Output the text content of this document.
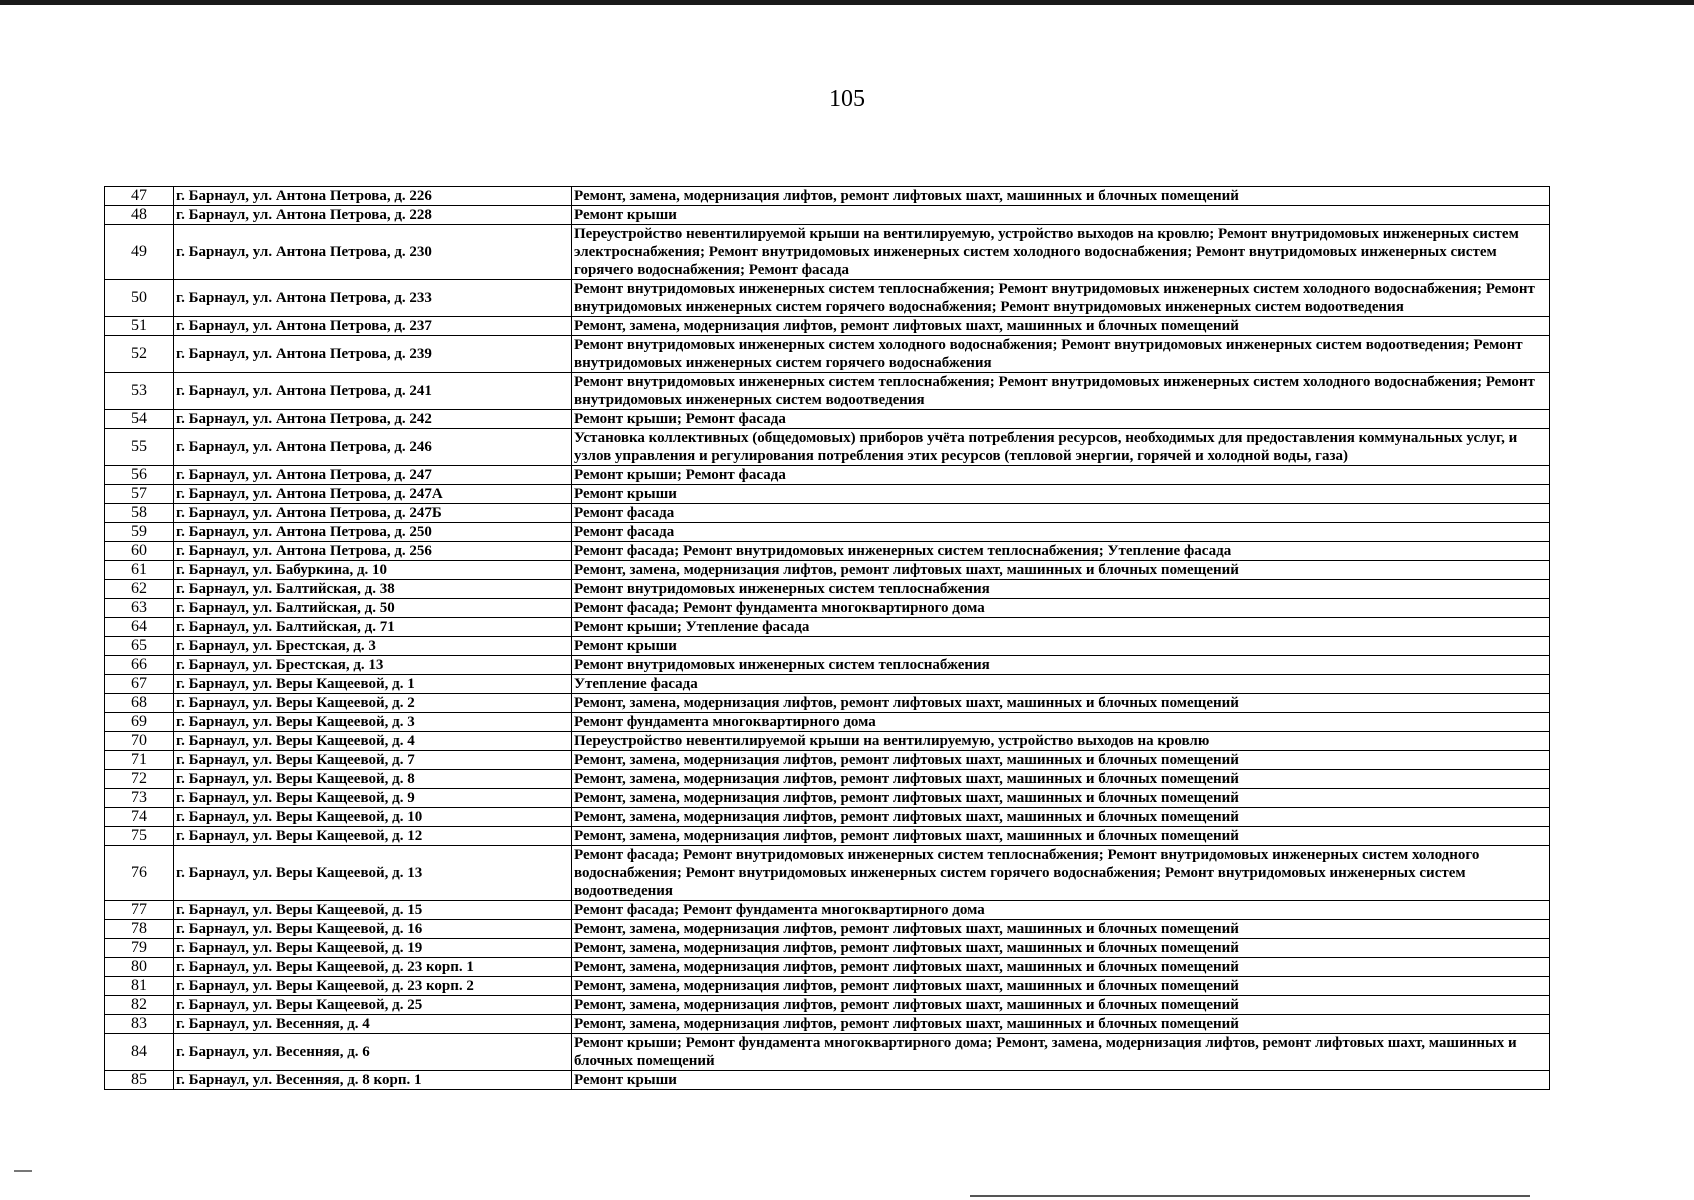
105
47	г. Барнаул, ул. Антона Петрова, д. 226	Ремонт, замена, модернизация лифтов, ремонт лифтовых шахт, машинных и блочных помещений
48	г. Барнаул, ул. Антона Петрова, д. 228	Ремонт крыши
49	г. Барнаул, ул. Антона Петрова, д. 230	Переустройство невентилируемой крыши на вентилируемую, устройство выходов на кровлю; Ремонт внутридомовых инженерных систем электроснабжения; Ремонт внутридомовых инженерных систем холодного водоснабжения; Ремонт внутридомовых инженерных систем горячего водоснабжения; Ремонт фасада
50	г. Барнаул, ул. Антона Петрова, д. 233	Ремонт внутридомовых инженерных систем теплоснабжения; Ремонт внутридомовых инженерных систем холодного водоснабжения; Ремонт внутридомовых инженерных систем горячего водоснабжения; Ремонт внутридомовых инженерных систем водоотведения
51	г. Барнаул, ул. Антона Петрова, д. 237	Ремонт, замена, модернизация лифтов, ремонт лифтовых шахт, машинных и блочных помещений
52	г. Барнаул, ул. Антона Петрова, д. 239	Ремонт внутридомовых инженерных систем холодного водоснабжения; Ремонт внутридомовых инженерных систем водоотведения; Ремонт внутридомовых инженерных систем горячего водоснабжения
53	г. Барнаул, ул. Антона Петрова, д. 241	Ремонт внутридомовых инженерных систем теплоснабжения; Ремонт внутридомовых инженерных систем холодного водоснабжения; Ремонт внутридомовых инженерных систем водоотведения
54	г. Барнаул, ул. Антона Петрова, д. 242	Ремонт крыши; Ремонт фасада
55	г. Барнаул, ул. Антона Петрова, д. 246	Установка коллективных (общедомовых) приборов учёта потребления ресурсов, необходимых для предоставления коммунальных услуг, и узлов управления и регулирования потребления этих ресурсов (тепловой энергии, горячей и холодной воды, газа)
56	г. Барнаул, ул. Антона Петрова, д. 247	Ремонт крыши; Ремонт фасада
57	г. Барнаул, ул. Антона Петрова, д. 247А	Ремонт крыши
58	г. Барнаул, ул. Антона Петрова, д. 247Б	Ремонт фасада
59	г. Барнаул, ул. Антона Петрова, д. 250	Ремонт фасада
60	г. Барнаул, ул. Антона Петрова, д. 256	Ремонт фасада; Ремонт внутридомовых инженерных систем теплоснабжения; Утепление фасада
61	г. Барнаул, ул. Бабуркина, д. 10	Ремонт, замена, модернизация лифтов, ремонт лифтовых шахт, машинных и блочных помещений
62	г. Барнаул, ул. Балтийская, д. 38	Ремонт внутридомовых инженерных систем теплоснабжения
63	г. Барнаул, ул. Балтийская, д. 50	Ремонт фасада; Ремонт фундамента многоквартирного дома
64	г. Барнаул, ул. Балтийская, д. 71	Ремонт крыши; Утепление фасада
65	г. Барнаул, ул. Брестская, д. 3	Ремонт крыши
66	г. Барнаул, ул. Брестская, д. 13	Ремонт внутридомовых инженерных систем теплоснабжения
67	г. Барнаул, ул. Веры Кащеевой, д. 1	Утепление фасада
68	г. Барнаул, ул. Веры Кащеевой, д. 2	Ремонт, замена, модернизация лифтов, ремонт лифтовых шахт, машинных и блочных помещений
69	г. Барнаул, ул. Веры Кащеевой, д. 3	Ремонт фундамента многоквартирного дома
70	г. Барнаул, ул. Веры Кащеевой, д. 4	Переустройство невентилируемой крыши на вентилируемую, устройство выходов на кровлю
71	г. Барнаул, ул. Веры Кащеевой, д. 7	Ремонт, замена, модернизация лифтов, ремонт лифтовых шахт, машинных и блочных помещений
72	г. Барнаул, ул. Веры Кащеевой, д. 8	Ремонт, замена, модернизация лифтов, ремонт лифтовых шахт, машинных и блочных помещений
73	г. Барнаул, ул. Веры Кащеевой, д. 9	Ремонт, замена, модернизация лифтов, ремонт лифтовых шахт, машинных и блочных помещений
74	г. Барнаул, ул. Веры Кащеевой, д. 10	Ремонт, замена, модернизация лифтов, ремонт лифтовых шахт, машинных и блочных помещений
75	г. Барнаул, ул. Веры Кащеевой, д. 12	Ремонт, замена, модернизация лифтов, ремонт лифтовых шахт, машинных и блочных помещений
76	г. Барнаул, ул. Веры Кащеевой, д. 13	Ремонт фасада; Ремонт внутридомовых инженерных систем теплоснабжения; Ремонт внутридомовых инженерных систем холодного водоснабжения; Ремонт внутридомовых инженерных систем горячего водоснабжения; Ремонт внутридомовых инженерных систем водоотведения
77	г. Барнаул, ул. Веры Кащеевой, д. 15	Ремонт фасада; Ремонт фундамента многоквартирного дома
78	г. Барнаул, ул. Веры Кащеевой, д. 16	Ремонт, замена, модернизация лифтов, ремонт лифтовых шахт, машинных и блочных помещений
79	г. Барнаул, ул. Веры Кащеевой, д. 19	Ремонт, замена, модернизация лифтов, ремонт лифтовых шахт, машинных и блочных помещений
80	г. Барнаул, ул. Веры Кащеевой, д. 23 корп. 1	Ремонт, замена, модернизация лифтов, ремонт лифтовых шахт, машинных и блочных помещений
81	г. Барнаул, ул. Веры Кащеевой, д. 23 корп. 2	Ремонт, замена, модернизация лифтов, ремонт лифтовых шахт, машинных и блочных помещений
82	г. Барнаул, ул. Веры Кащеевой, д. 25	Ремонт, замена, модернизация лифтов, ремонт лифтовых шахт, машинных и блочных помещений
83	г. Барнаул, ул. Весенняя, д. 4	Ремонт, замена, модернизация лифтов, ремонт лифтовых шахт, машинных и блочных помещений
84	г. Барнаул, ул. Весенняя, д. 6	Ремонт крыши; Ремонт фундамента многоквартирного дома; Ремонт, замена, модернизация лифтов, ремонт лифтовых шахт, машинных и блочных помещений
85	г. Барнаул, ул. Весенняя, д. 8 корп. 1	Ремонт крыши
